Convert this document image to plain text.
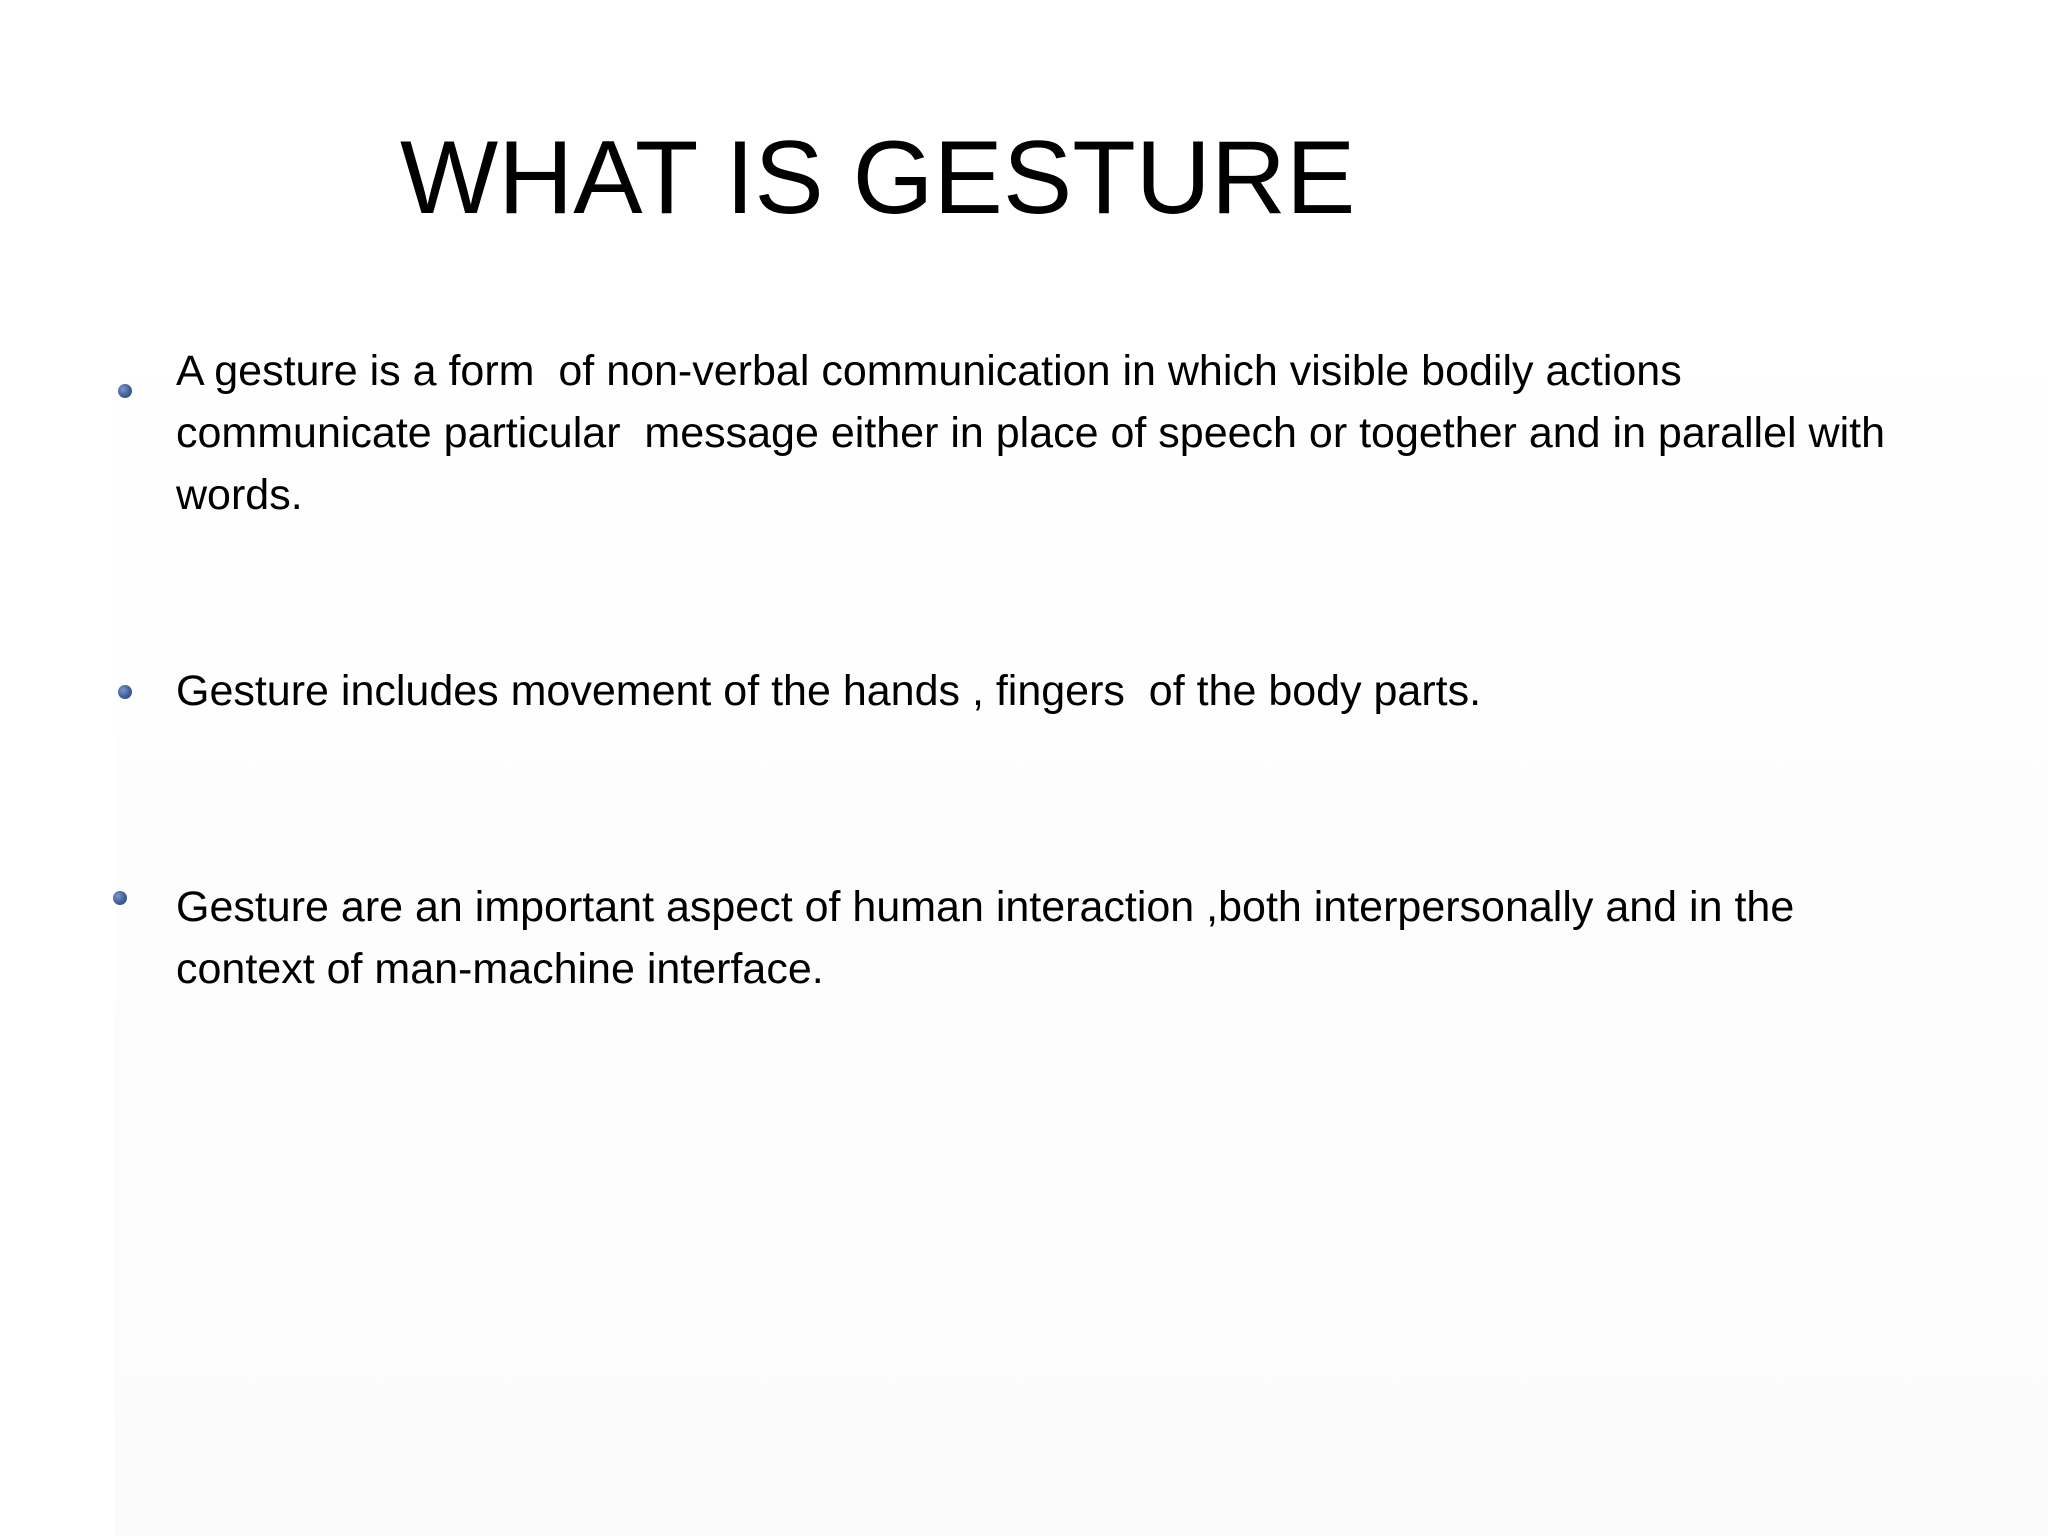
WHAT IS GESTURE

A gesture is a form  of non-verbal communication in which visible bodily actions communicate particular  message either in place of speech or together and in parallel with words.

Gesture includes movement of the hands , fingers  of the body parts.

Gesture are an important aspect of human interaction ,both interpersonally and in the context of man-machine interface.
